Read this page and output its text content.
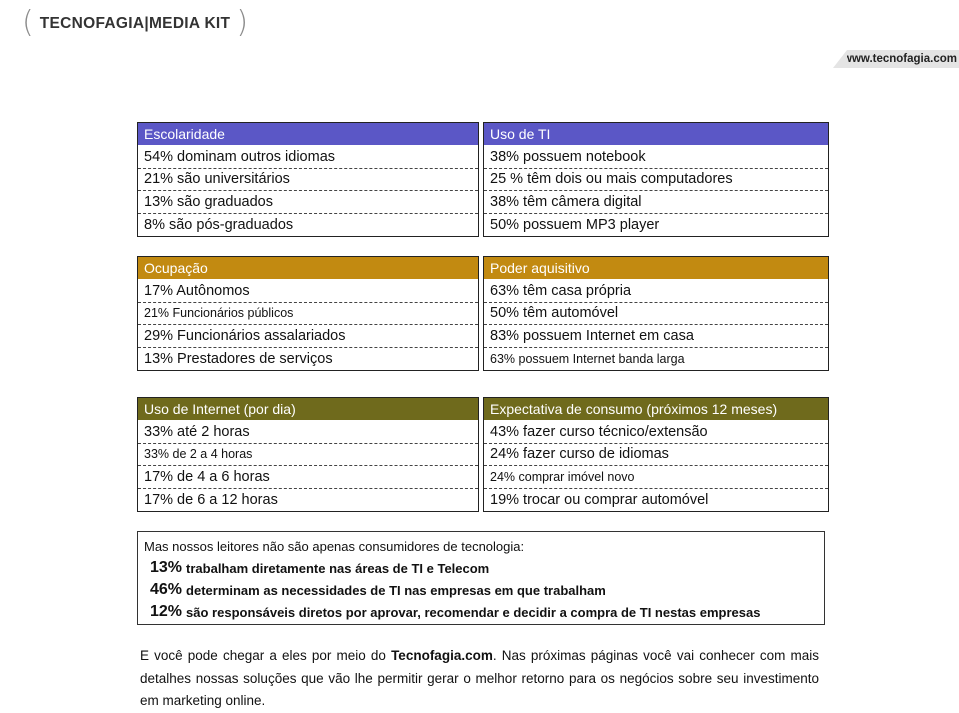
( TECNOFAGIA|MEDIA KIT )
www.tecnofagia.com
Escolaridade
54% dominam outros idiomas
21% são universitários
13% são graduados
8% são pós-graduados
Uso de TI
38% possuem notebook
25 % têm dois ou mais computadores
38% têm câmera digital
50% possuem MP3 player
Ocupação
17% Autônomos
21% Funcionários públicos
29% Funcionários assalariados
13% Prestadores de serviços
Poder aquisitivo
63% têm casa própria
50% têm automóvel
83% possuem Internet em casa
63% possuem Internet banda larga
Uso de Internet (por dia)
33% até 2 horas
33% de 2 a 4 horas
17% de 4 a 6 horas
17% de 6 a 12 horas
Expectativa de consumo (próximos 12 meses)
43% fazer curso técnico/extensão
24% fazer curso de idiomas
24% comprar imóvel novo
19% trocar ou comprar automóvel
Mas nossos leitores não são apenas consumidores de tecnologia:
13% trabalham diretamente nas áreas de TI e Telecom
46% determinam as necessidades de TI nas empresas em que trabalham
12% são responsáveis diretos por aprovar, recomendar e decidir a compra de TI nestas empresas
E você pode chegar a eles por meio do Tecnofagia.com. Nas próximas páginas você vai conhecer com mais detalhes nossas soluções que vão lhe permitir gerar o melhor retorno para os negócios sobre seu investimento em marketing online.
